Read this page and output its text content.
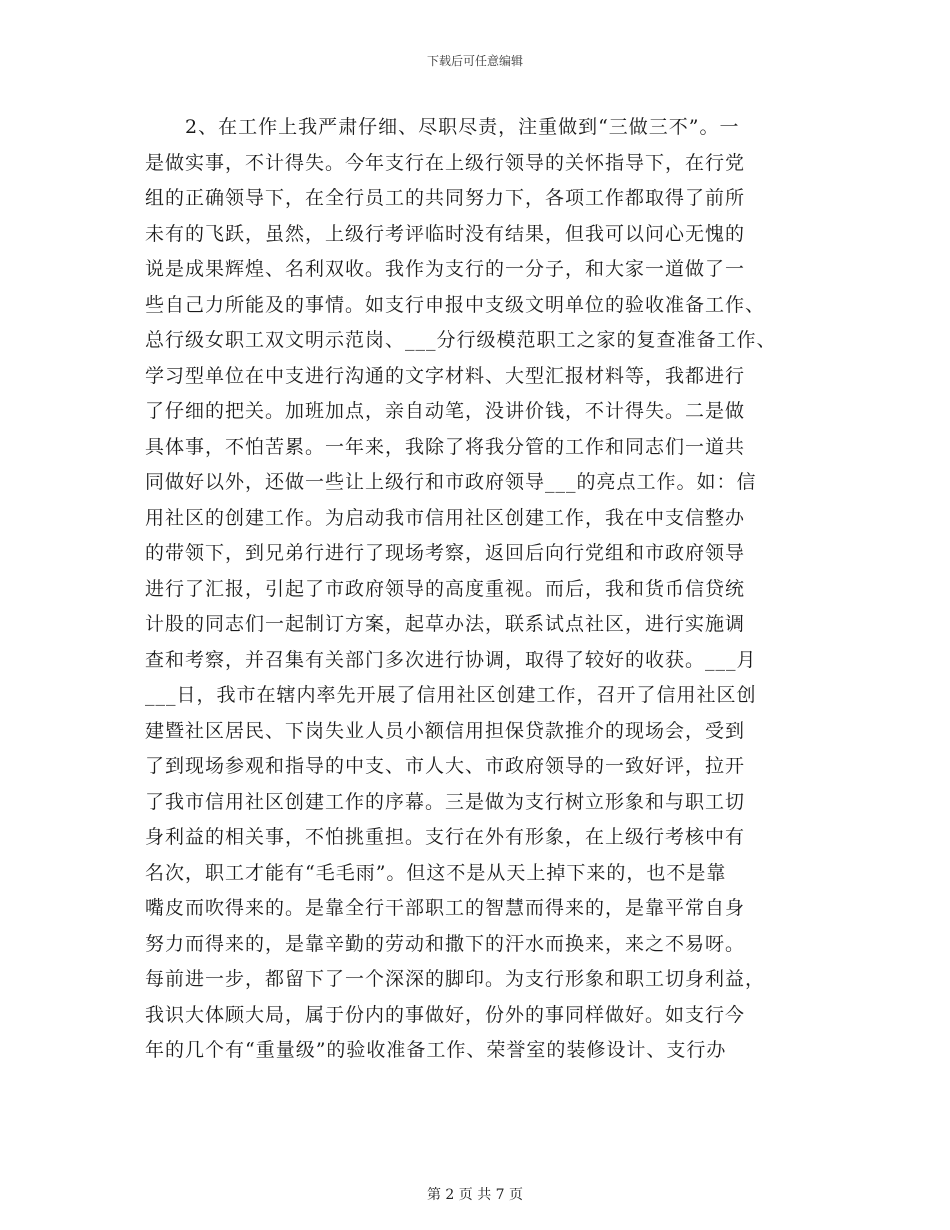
下载后可任意编辑
2、在工作上我严肃仔细、尽职尽责，注重做到“三做三不”。一
是做实事，不计得失。今年支行在上级行领导的关怀指导下，在行党
组的正确领导下，在全行员工的共同努力下，各项工作都取得了前所
未有的飞跃，虽然，上级行考评临时没有结果，但我可以问心无愧的
说是成果辉煌、名利双收。我作为支行的一分子，和大家一道做了一
些自己力所能及的事情。如支行申报中支级文明单位的验收准备工作、
总行级女职工双文明示范岗、___分行级模范职工之家的复查准备工作、
学习型单位在中支进行沟通的文字材料、大型汇报材料等，我都进行
了仔细的把关。加班加点，亲自动笔，没讲价钱，不计得失。二是做
具体事，不怕苦累。一年来，我除了将我分管的工作和同志们一道共
同做好以外，还做一些让上级行和市政府领导___的亮点工作。如：信
用社区的创建工作。为启动我市信用社区创建工作，我在中支信整办
的带领下，到兄弟行进行了现场考察，返回后向行党组和市政府领导
进行了汇报，引起了市政府领导的高度重视。而后，我和货币信贷统
计股的同志们一起制订方案，起草办法，联系试点社区，进行实施调
查和考察，并召集有关部门多次进行协调，取得了较好的收获。___月
___日，我市在辖内率先开展了信用社区创建工作，召开了信用社区创
建暨社区居民、下岗失业人员小额信用担保贷款推介的现场会，受到
了到现场参观和指导的中支、市人大、市政府领导的一致好评，拉开
了我市信用社区创建工作的序幕。三是做为支行树立形象和与职工切
身利益的相关事，不怕挑重担。支行在外有形象，在上级行考核中有
名次，职工才能有“毛毛雨”。但这不是从天上掉下来的，也不是靠
嘴皮而吹得来的。是靠全行干部职工的智慧而得来的，是靠平常自身
努力而得来的，是靠辛勤的劳动和撒下的汗水而换来，来之不易呀。
每前进一步，都留下了一个深深的脚印。为支行形象和职工切身利益，
我识大体顾大局，属于份内的事做好，份外的事同样做好。如支行今
年的几个有“重量级”的验收准备工作、荣誉室的装修设计、支行办
第 2 页 共 7 页
